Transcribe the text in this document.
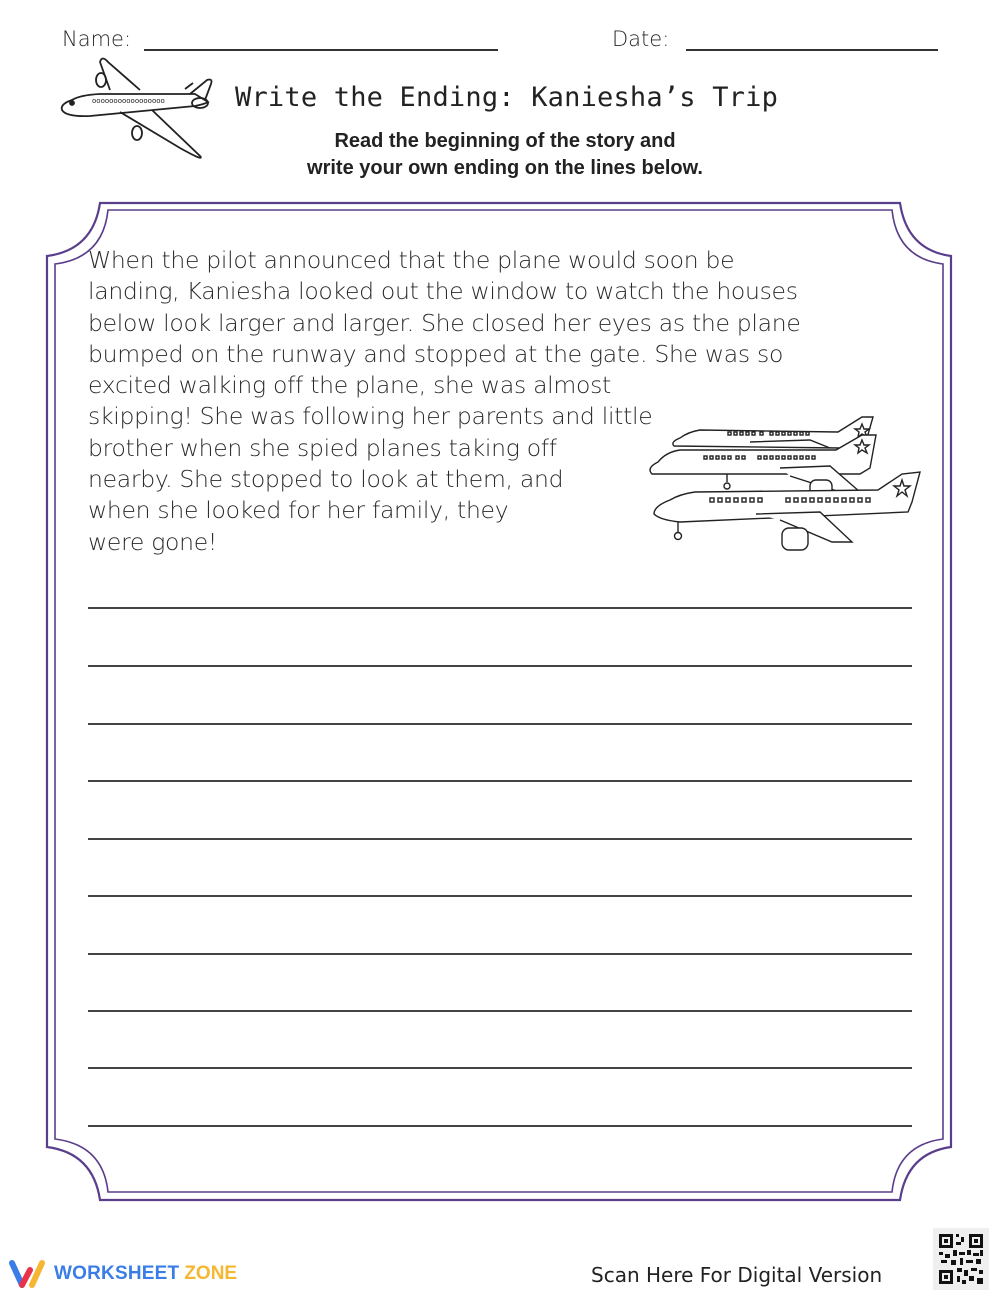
Name:	Date:
ooooooooooooooooo	Write the Ending: Kaniesha’s Trip
Read the beginning of the story and
write your own ending on the lines below.
When the pilot announced that the plane would soon be
landing, Kaniesha looked out the window to watch the houses
below look larger and larger. She closed her eyes as the plane
bumped on the runway and stopped at the gate. She was so
excited walking off the plane, she was almost
skipping! She was following her parents and little
brother when she spied planes taking off
nearby. She stopped to look at them, and
when she looked for her family, they
were gone!
WORKSHEET ZONE	Scan Here For Digital Version
